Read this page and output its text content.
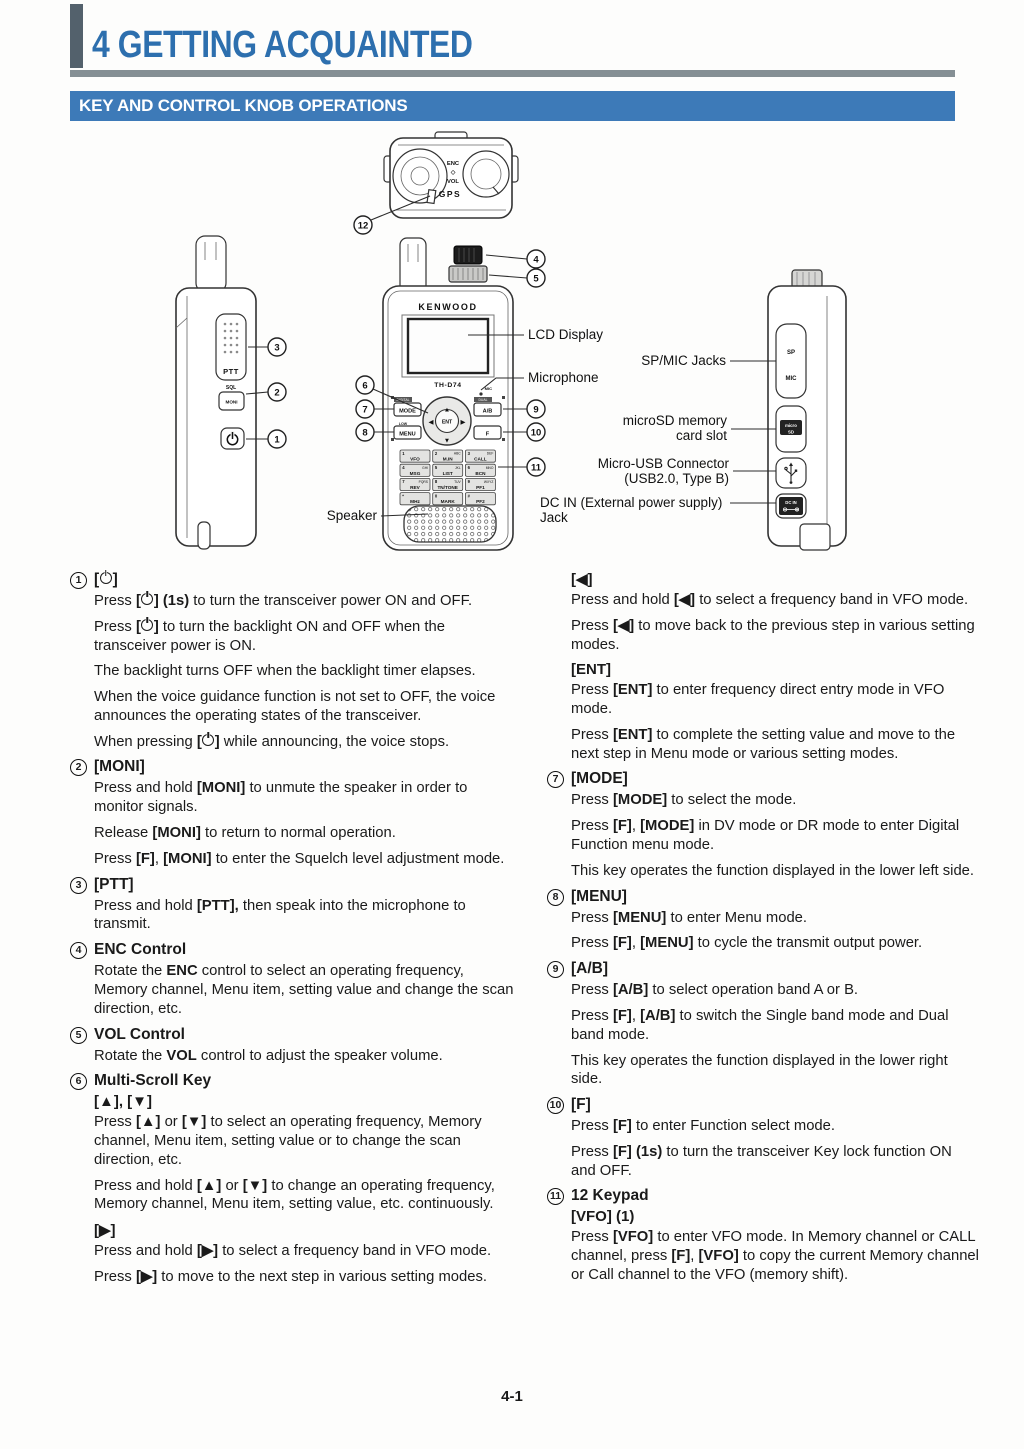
4 GETTING ACQUAINTED
KEY AND CONTROL KNOB OPERATIONS
ENC
◇
VOL
GPS
PTT
SQL
MONI
3
2
1
KENWOOD
TH-D74	MIC
ENT
▲
▼
◀	▶
DIGITAL
MODE
LOW
MENU
DUAL
A/B
F
1
VFO
2	ABC
M.IN
3	DEF
CALL
4	GHI
MSG
5	JKL
LIST
6	MNO
BCN
7	PQRS
REV
8	TUV
TN/TONE
9	WXYZ
PF1
*
MHz
0
MARK
#
PF2
4
5
6
7
8
9
10
11
12
SP
MIC
micro
SD
DC IN
LCD Display
Microphone
SP/MIC Jacks
microSD memory
card slot
Micro-USB Connector
(USB2.0, Type B)
DC IN (External power supply)
Jack
Speaker
1 [ ]
Press [ ] (1s) to turn the transceiver power ON and OFF.
Press [ ] to turn the backlight ON and OFF when the transceiver power is ON.
The backlight turns OFF when the backlight timer elapses.
When the voice guidance function is not set to OFF, the voice announces the operating states of the transceiver.
When pressing [ ] while announcing, the voice stops.
2 [MONI]
Press and hold [MONI] to unmute the speaker in order to monitor signals.
Release [MONI] to return to normal operation.
Press [F], [MONI] to enter the Squelch level adjustment mode.
3 [PTT]
Press and hold [PTT], then speak into the microphone to transmit.
4 ENC Control
Rotate the ENC control to select an operating frequency, Memory channel, Menu item, setting value and change the scan direction, etc.
5 VOL Control
Rotate the VOL control to adjust the speaker volume.
6 Multi-Scroll Key
[▲], [▼]
Press [▲] or [▼] to select an operating frequency, Memory channel, Menu item, setting value or to change the scan direction, etc.
Press and hold [▲] or [▼] to change an operating frequency, Memory channel, Menu item, setting value, etc. continuously.
[▶]
Press and hold [▶] to select a frequency band in VFO mode.
Press [▶] to move to the next step in various setting modes.
[◀]
Press and hold [◀] to select a frequency band in VFO mode.
Press [◀] to move back to the previous step in various setting modes.
[ENT]
Press [ENT] to enter frequency direct entry mode in VFO mode.
Press [ENT] to complete the setting value and move to the next step in Menu mode or various setting modes.
7 [MODE]
Press [MODE] to select the mode.
Press [F], [MODE] in DV mode or DR mode to enter Digital Function menu mode.
This key operates the function displayed in the lower left side.
8 [MENU]
Press [MENU] to enter Menu mode.
Press [F], [MENU] to cycle the transmit output power.
9 [A/B]
Press [A/B] to select operation band A or B.
Press [F], [A/B] to switch the Single band mode and Dual band mode.
This key operates the function displayed in the lower right side.
10 [F]
Press [F] to enter Function select mode.
Press [F] (1s) to turn the transceiver Key lock function ON and OFF.
11 12 Keypad
[VFO] (1)
Press [VFO] to enter VFO mode. In Memory channel or CALL channel, press [F], [VFO] to copy the current Memory channel or Call channel to the VFO (memory shift).
4-1
